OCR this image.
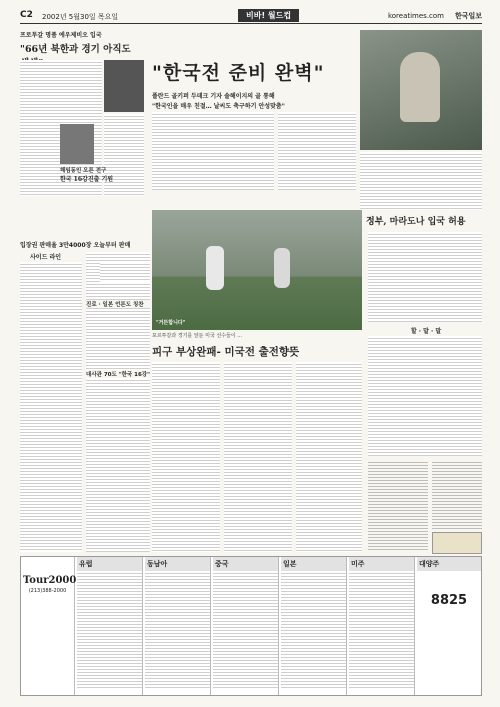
C2 2002년 5월30일 목요일	비바! 월드컵	koreatimes.com 한국일보
프로투갈 명품 에우제비오 입국
"66년 북한과 경기 아직도
해임동인 오른 전구
한국 16강진출 기원
"한국전 준비 완벽"
폴란드 골키퍼 두데크 기자 솔해이지의 골 통해
"한국인을 매우 친절… 날씨도 축구하기 안성맞춤"
정부, 마라도나 입국 허용
입장권 판매율 3만4000장 오늘부터 판매
사이드 라인
"거뜬합니다"
포르투갈과 경기를 앞둔 미국 선수들이 ...
피구 부상완패- 미국전 출전향뜻
진로 · 일본 언론도 칭찬
대사관 70도 "한국 16강"
할 · 말 · 말
Tour2000
(213)388-2000
유럽	동남아	중국	일본	미주	대양주
8825
